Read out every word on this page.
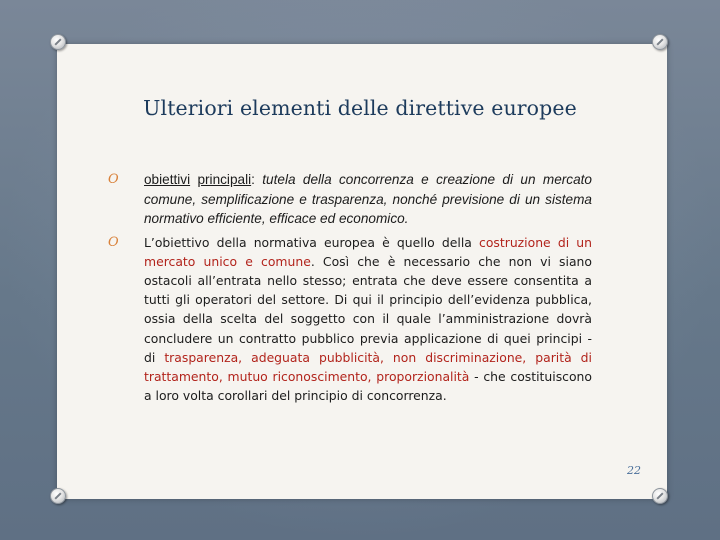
Ulteriori elementi delle direttive europee
O obiettivi principali: tutela della concorrenza e creazione di un mercato comune, semplificazione e trasparenza, nonché previsione di un sistema normativo efficiente, efficace ed economico.
O L’obiettivo della normativa europea è quello della costruzione di un mercato unico e comune. Così che è necessario che non vi siano ostacoli all’entrata nello stesso; entrata che deve essere consentita a tutti gli operatori del settore. Di qui il principio dell’evidenza pubblica, ossia della scelta del soggetto con il quale l’amministrazione dovrà concludere un contratto pubblico previa applicazione di quei principi - di trasparenza, adeguata pubblicità, non discriminazione, parità di trattamento, mutuo riconoscimento, proporzionalità - che costituiscono a loro volta corollari del principio di concorrenza.
22
